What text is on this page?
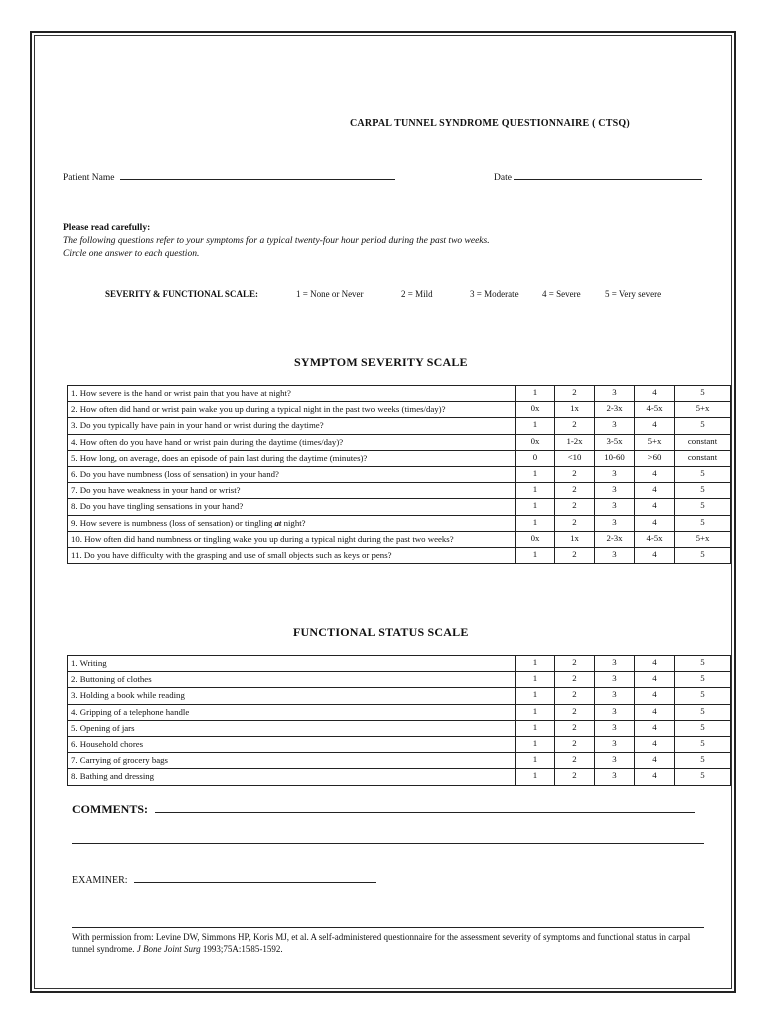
CARPAL TUNNEL SYNDROME QUESTIONNAIRE ( CTSQ)
Patient Name	Date
Please read carefully:
The following questions refer to your symptoms for a typical twenty-four hour period during the past two weeks.
Circle one answer to each question.
SEVERITY & FUNCTIONAL SCALE:	1 = None or Never	2 = Mild	3 = Moderate	4 = Severe	5 = Very severe
SYMPTOM SEVERITY SCALE
1. How severe is the hand or wrist pain that you have at night?	1	2	3	4	5
2. How often did hand or wrist pain wake you up during a typical night in the past two weeks (times/day)?	0x	1x	2-3x	4-5x	5+x
3. Do you typically have pain in your hand or wrist during the daytime?	1	2	3	4	5
4. How often do you have hand or wrist pain during the daytime (times/day)?	0x	1-2x	3-5x	5+x	constant
5. How long, on average, does an episode of pain last during the daytime (minutes)?	0	<10	10-60	>60	constant
6. Do you have numbness (loss of sensation) in your hand?	1	2	3	4	5
7. Do you have weakness in your hand or wrist?	1	2	3	4	5
8. Do you have tingling sensations in your hand?	1	2	3	4	5
9. How severe is numbness (loss of sensation) or tingling at night?	1	2	3	4	5
10. How often did hand numbness or tingling wake you up during a typical night during the past two weeks?	0x	1x	2-3x	4-5x	5+x
11. Do you have difficulty with the grasping and use of small objects such as keys or pens?	1	2	3	4	5
FUNCTIONAL STATUS SCALE
1. Writing	1	2	3	4	5
2. Buttoning of clothes	1	2	3	4	5
3. Holding a book while reading	1	2	3	4	5
4. Gripping of a telephone handle	1	2	3	4	5
5. Opening of jars	1	2	3	4	5
6. Household chores	1	2	3	4	5
7. Carrying of grocery bags	1	2	3	4	5
8. Bathing and dressing	1	2	3	4	5
COMMENTS:
EXAMINER:
With permission from: Levine DW, Simmons HP, Koris MJ, et al. A self-administered questionnaire for the assessment severity of symptoms and functional status in carpal tunnel syndrome. J Bone Joint Surg 1993;75A:1585-1592.
